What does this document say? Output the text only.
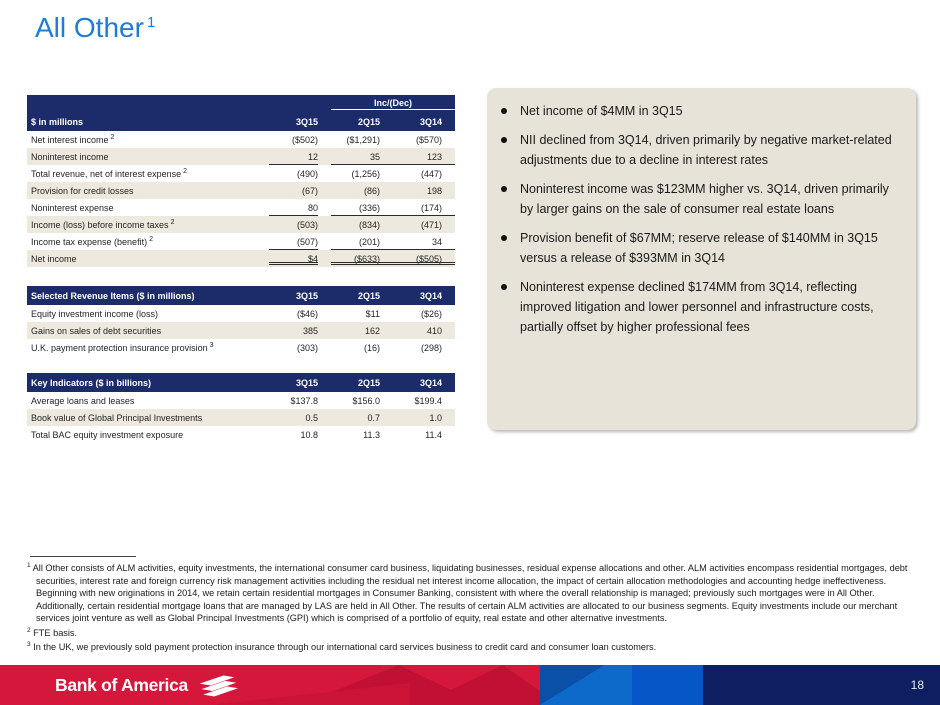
All Other $^1$
Inc/(Dec)
$ in millions	3Q15	2Q15	3Q14
Net interest income $^2$	($502)	($1,291)	($570)
Noninterest income	12	35	123
Total revenue, net of interest expense $^2$	(490)	(1,256)	(447)
Provision for credit losses	(67)	(86)	198
Noninterest expense	80	(336)	(174)
Income (loss) before income taxes $^2$	(503)	(834)	(471)
Income tax expense (benefit) $^2$	(507)	(201)	34
Net income	$4	($633)	($505)
Selected Revenue Items ($ in millions)	3Q15	2Q15	3Q14
Equity investment income (loss)	($46)	$11	($26)
Gains on sales of debt securities	385	162	410
U.K. payment protection insurance provision $^3$	(303)	(16)	(298)
Key Indicators ($ in billions)	3Q15	2Q15	3Q14
Average loans and leases	$137.8	$156.0	$199.4
Book value of Global Principal Investments	0.5	0.7	1.0
Total BAC equity investment exposure	10.8	11.3	11.4
Net income of $4MM in 3Q15
NII declined from 3Q14, driven primarily by negative market-related adjustments due to a decline in interest rates
Noninterest income was $123MM higher vs. 3Q14, driven primarily by larger gains on the sale of consumer real estate loans
Provision benefit of $67MM; reserve release of $140MM in 3Q15 versus a release of $393MM in 3Q14
Noninterest expense declined $174MM from 3Q14, reflecting improved litigation and lower personnel and infrastructure costs, partially offset by higher professional fees
$^1$ All Other consists of ALM activities, equity investments, the international consumer card business, liquidating businesses, residual expense allocations and other. ALM activities encompass residential mortgages, debt securities, interest rate and foreign currency risk management activities including the residual net interest income allocation, the impact of certain allocation methodologies and accounting hedge ineffectiveness. Beginning with new originations in 2014, we retain certain residential mortgages in Consumer Banking, consistent with where the overall relationship is managed; previously such mortgages were in All Other. Additionally, certain residential mortgage loans that are managed by LAS are held in All Other. The results of certain ALM activities are allocated to our business segments. Equity investments include our merchant services joint venture as well as Global Principal Investments (GPI) which is comprised of a portfolio of equity, real estate and other alternative investments.
$^2$ FTE basis.
$^3$ In the UK, we previously sold payment protection insurance through our international card services business to credit card and consumer loan customers.
Bank of America	18
